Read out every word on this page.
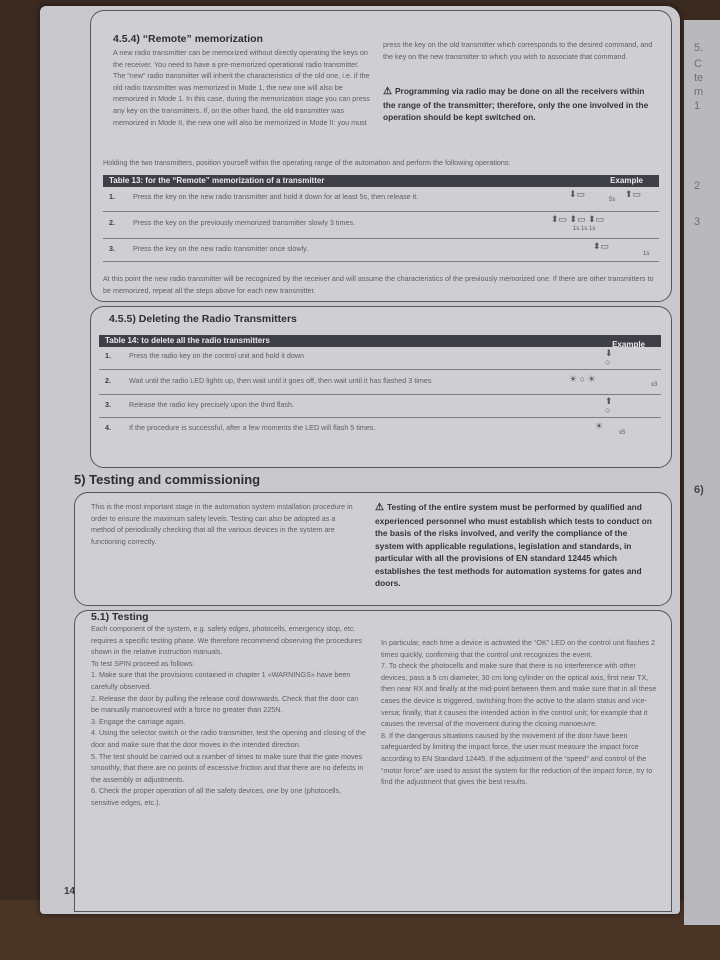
5.
C
te
m
1
2
3
6)
4.5.4) “Remote” memorization
A new radio transmitter can be memorized without directly operating the keys on the receiver. You need to have a pre-memorized operational radio transmitter. The “new” radio transmitter will inherit the characteristics of the old one, i.e. if the old radio transmitter was memorized in Mode 1, the new one will also be memorized in Mode 1. In this case, during the memorization stage you can press any key on the transmitters. If, on the other hand, the old transmitter was memorized in Mode II, the new one will also be memorized in Mode II: you must
press the key on the old transmitter which corresponds to the desired command, and the key on the new transmitter to which you wish to associate that command.
⚠ Programming via radio may be done on all the receivers within the range of the transmitter; therefore, only the one involved in the operation should be kept switched on.
Holding the two transmitters, position yourself within the operating range of the automation and perform the following operations:
Table 13: for the “Remote” memorization of a transmitter	Example
1.	Press the key on the new radio transmitter and hold it down for at least 5s, then release it.	⬇▭
5s
⬆▭
2.	Press the key on the previously memorized transmitter slowly 3 times.	⬍▭ ⬍▭ ⬍▭
1s 1s 1s
3.	Press the key on the new radio transmitter once slowly.	⬍▭
1s
At this point the new radio transmitter will be recognized by the receiver and will assume the characteristics of the previously memorized one. If there are other transmitters to be memorized, repeat all the steps above for each new transmitter.
4.5.5) Deleting the Radio Transmitters
Table 14: to delete all the radio transmitters	Example
1.	Press the radio key on the control unit and hold it down	⬇
○
2.	Wait until the radio LED lights up, then wait until it goes off, then wait until it has flashed 3 times	☀ ○ ☀
x3
3.	Release the radio key precisely upon the third flash.	⬆
○
4.	If the procedure is successful, after a few moments the LED will flash 5 times.	☀
x5
5) Testing and commissioning
This is the most important stage in the automation system installation procedure in order to ensure the maximum safety levels. Testing can also be adopted as a method of periodically checking that all the various devices in the system are functioning correctly.
⚠ Testing of the entire system must be performed by qualified and experienced personnel who must establish which tests to conduct on the basis of the risks involved, and verify the compliance of the system with applicable regulations, legislation and standards, in particular with all the provisions of EN standard 12445 which establishes the test methods for automation systems for gates and doors.
5.1) Testing

Each component of the system, e.g. safety edges, photocells, emergency stop, etc. requires a specific testing phase. We therefore recommend observing the procedures shown in the relative instruction manuals.

To test SPIN proceed as follows:

1. Make sure that the provisions contained in chapter 1 «WARNINGS» have been carefully observed.

2. Release the door by pulling the release cord downwards. Check that the door can be manually manoeuvred with a force no greater than 225N.

3. Engage the carriage again.

4. Using the selector switch or the radio transmitter, test the opening and closing of the door and make sure that the door moves in the intended direction.

5. The test should be carried out a number of times to make sure that the gate moves smoothly, that there are no points of excessive friction and that there are no defects in the assembly or adjustments.

6. Check the proper operation of all the safety devices, one by one (photocells, sensitive edges, etc.).

In particular, each time a device is activated the “OK” LED on the control unit flashes 2 times quickly, confirming that the control unit recognizes the event.

7. To check the photocells and make sure that there is no interference with other devices, pass a 5 cm diameter, 30 cm long cylinder on the optical axis, first near TX, then near RX and finally at the mid-point between them and make sure that in all these cases the device is triggered, switching from the active to the alarm status and vice-versa; finally, that it causes the intended action in the control unit; for example that it causes the reversal of the movement during the closing manoeuvre.

8. If the dangerous situations caused by the movement of the door have been safeguarded by limiting the impact force, the user must measure the impact force according to EN Standard 12445. If the adjustment of the “speed” and control of the “motor force” are used to assist the system for the reduction of the impact force, try to find the adjustment that gives the best results.

14
